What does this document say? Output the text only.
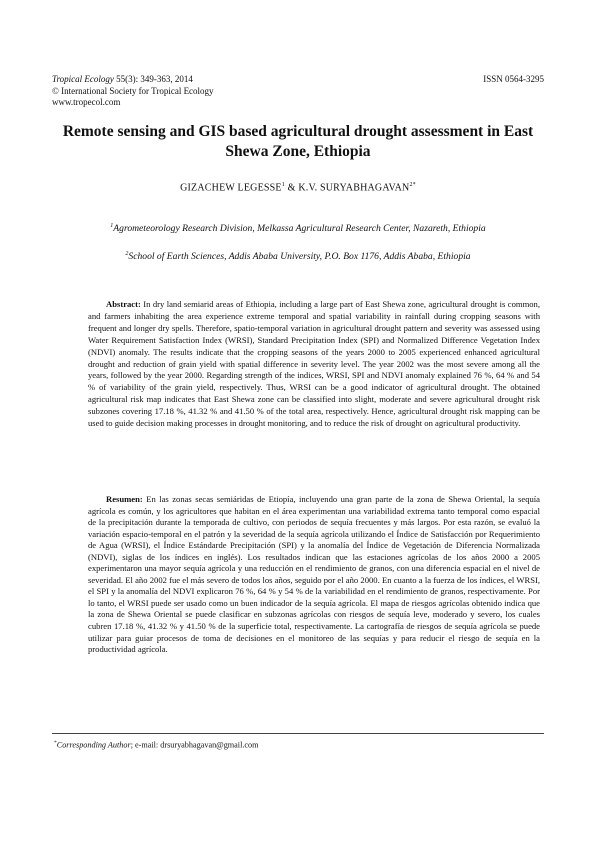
Tropical Ecology 55(3): 349-363, 2014	ISSN 0564-3295
© International Society for Tropical Ecology
www.tropecol.com
Remote sensing and GIS based agricultural drought assessment in East Shewa Zone, Ethiopia
GIZACHEW LEGESSE$^1$ & K.V. $SURYABHAGAVAN^{2*}$
$^1$Agrometeorology Research Division, Melkassa Agricultural Research Center, Nazareth, Ethiopia
$^2$School of Earth Sciences, Addis Ababa University, P.O. Box 1176, Addis Ababa, Ethiopia
Abstract: In dry land semiarid areas of Ethiopia, including a large part of East Shewa zone, agricultural drought is common, and farmers inhabiting the area experience extreme temporal and spatial variability in rainfall during cropping seasons with frequent and longer dry spells. Therefore, spatio-temporal variation in agricultural drought pattern and severity was assessed using Water Requirement Satisfaction Index (WRSI), Standard Precipitation Index (SPI) and Normalized Difference Vegetation Index (NDVI) anomaly. The results indicate that the cropping seasons of the years 2000 to 2005 experienced enhanced agricultural drought and reduction of grain yield with spatial difference in severity level. The year 2002 was the most severe among all the years, followed by the year 2000. Regarding strength of the indices, WRSI, SPI and NDVI anomaly explained 76 %, 64 % and 54 % of variability of the grain yield, respectively. Thus, WRSI can be a good indicator of agricultural drought. The obtained agricultural risk map indicates that East Shewa zone can be classified into slight, moderate and severe agricultural drought risk subzones covering 17.18 %, 41.32 % and 41.50 % of the total area, respectively. Hence, agricultural drought risk mapping can be used to guide decision making processes in drought monitoring, and to reduce the risk of drought on agricultural productivity.
Resumen: En las zonas secas semiáridas de Etiopía, incluyendo una gran parte de la zona de Shewa Oriental, la sequía agrícola es común, y los agricultores que habitan en el área experimentan una variabilidad extrema tanto temporal como espacial de la precipitación durante la temporada de cultivo, con periodos de sequía frecuentes y más largos. Por esta razón, se evaluó la variación espacio-temporal en el patrón y la severidad de la sequía agrícola utilizando el Índice de Satisfacción por Requerimiento de Agua (WRSI), el Índice Estándarde Precipitación (SPI) y la anomalía del Índice de Vegetación de Diferencia Normalizada (NDVI), siglas de los índices en inglés). Los resultados indican que las estaciones agrícolas de los años 2000 a 2005 experimentaron una mayor sequía agrícola y una reducción en el rendimiento de granos, con una diferencia espacial en el nivel de severidad. El año 2002 fue el más severo de todos los años, seguido por el año 2000. En cuanto a la fuerza de los índices, el WRSI, el SPI y la anomalía del NDVI explicaron 76 %, 64 % y 54 % de la variabilidad en el rendimiento de granos, respectivamente. Por lo tanto, el WRSI puede ser usado como un buen indicador de la sequía agrícola. El mapa de riesgos agrícolas obtenido indica que la zona de Shewa Oriental se puede clasificar en subzonas agrícolas con riesgos de sequía leve, moderado y severo, los cuales cubren 17.18 %, 41.32 % y 41.50 % de la superficie total, respectivamente. La cartografía de riesgos de sequía agrícola se puede utilizar para guiar procesos de toma de decisiones en el monitoreo de las sequías y para reducir el riesgo de sequía en la productividad agrícola.
*Corresponding Author; e-mail: drsuryabhagavan@gmail.com
